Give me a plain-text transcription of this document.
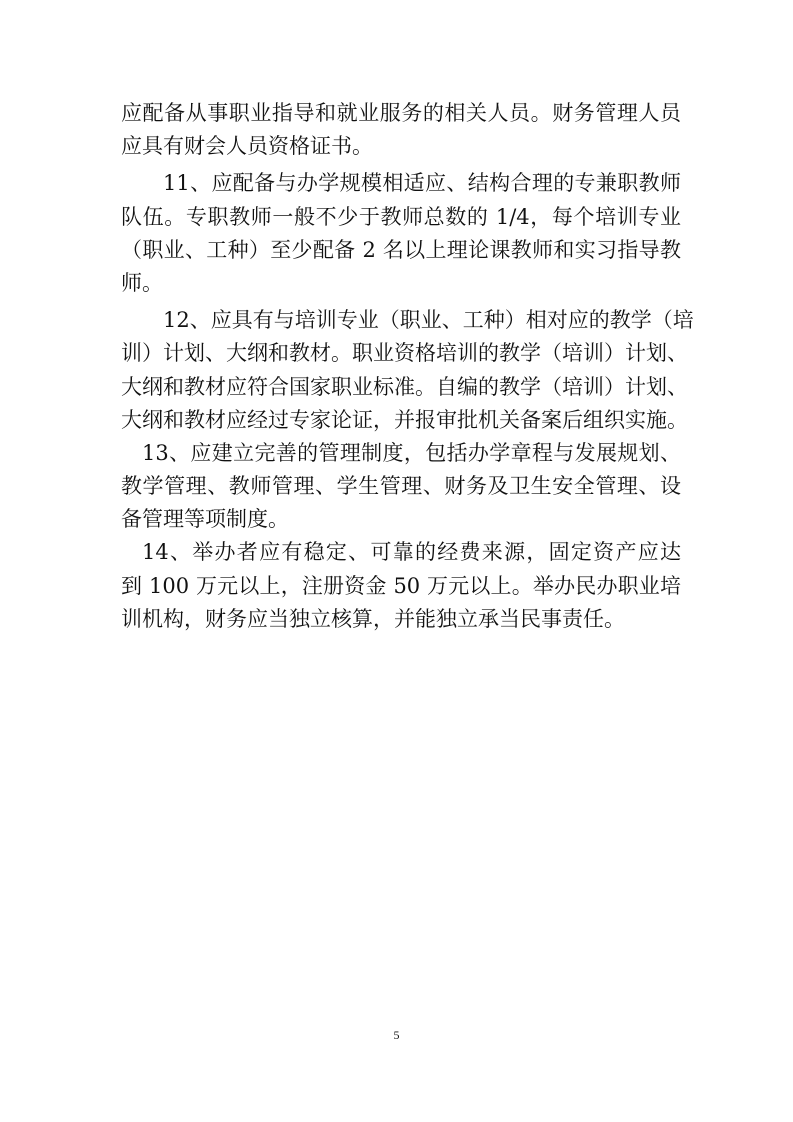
应配备从事职业指导和就业服务的相关人员。财务管理人员
应具有财会人员资格证书。
11、应配备与办学规模相适应、结构合理的专兼职教师
队伍。专职教师一般不少于教师总数的 1/4，每个培训专业
（职业、工种）至少配备 2 名以上理论课教师和实习指导教
师。
12、应具有与培训专业（职业、工种）相对应的教学（培
训）计划、大纲和教材。职业资格培训的教学（培训）计划、
大纲和教材应符合国家职业标准。自编的教学（培训）计划、
大纲和教材应经过专家论证，并报审批机关备案后组织实施。
13、应建立完善的管理制度，包括办学章程与发展规划、
教学管理、教师管理、学生管理、财务及卫生安全管理、设
备管理等项制度。
14、举办者应有稳定、可靠的经费来源，固定资产应达
到 100 万元以上，注册资金 50 万元以上。举办民办职业培
训机构，财务应当独立核算，并能独立承当民事责任。
5
